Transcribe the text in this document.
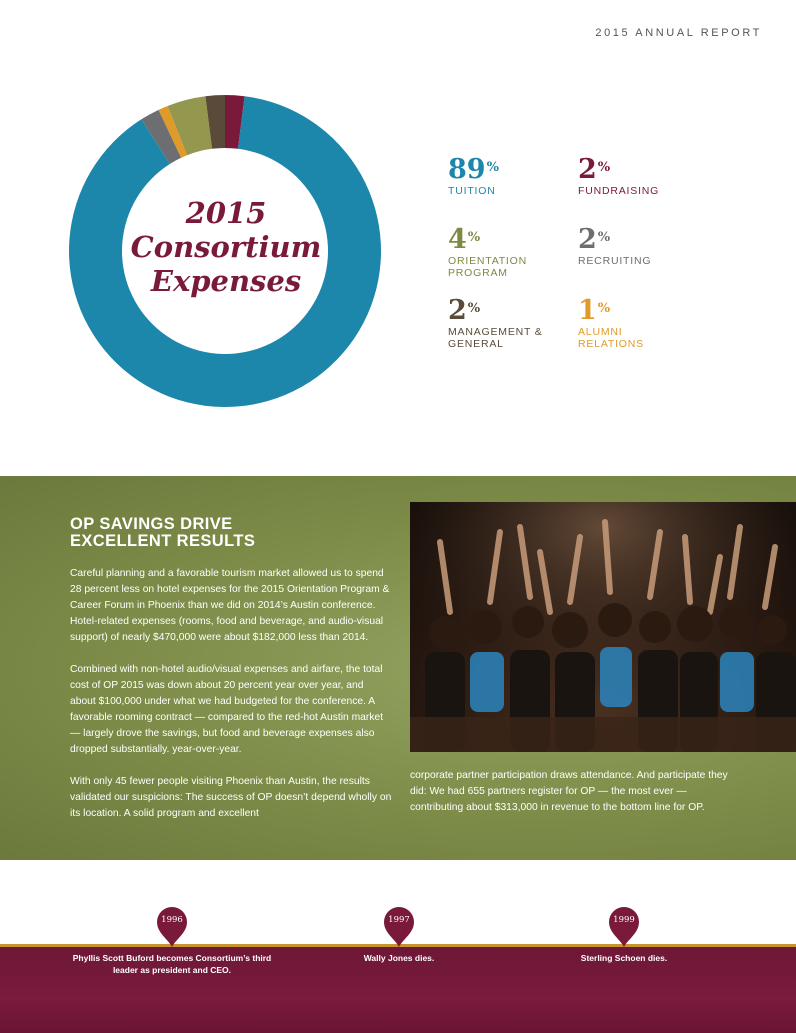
2015 ANNUAL REPORT
2015
Consortium
Expenses
89%
TUITION
2%
FUNDRAISING
4%
ORIENTATION PROGRAM
2%
RECRUITING
2%
MANAGEMENT & GENERAL
1%
ALUMNI RELATIONS
OP SAVINGS DRIVE EXCELLENT RESULTS

Careful planning and a favorable tourism market allowed us to spend 28 percent less on hotel expenses for the 2015 Orientation Program & Career Forum in Phoenix than we did on 2014’s Austin conference. Hotel-related expenses (rooms, food and beverage, and audio-visual support) of nearly $470,000 were about $182,000 less than 2014.

Combined with non-hotel audio/visual expenses and airfare, the total cost of OP 2015 was down about 20 percent year over year, and about $100,000 under what we had budgeted for the conference. A favorable rooming contract — compared to the red-hot Austin market — largely drove the savings, but food and beverage expenses also dropped substantially. year-over-year.

With only 45 fewer people visiting Phoenix than Austin, the results validated our suspicions: The success of OP doesn’t depend wholly on its location. A solid program and excellent

corporate partner participation draws attendance. And participate they did: We had 655 partners register for OP — the most ever — contributing about $313,000 in revenue to the bottom line for OP.

1996	1997	1999
Phyllis Scott Buford becomes Consortium’s third leader as president and CEO.
Wally Jones dies.	Sterling Schoen dies.
